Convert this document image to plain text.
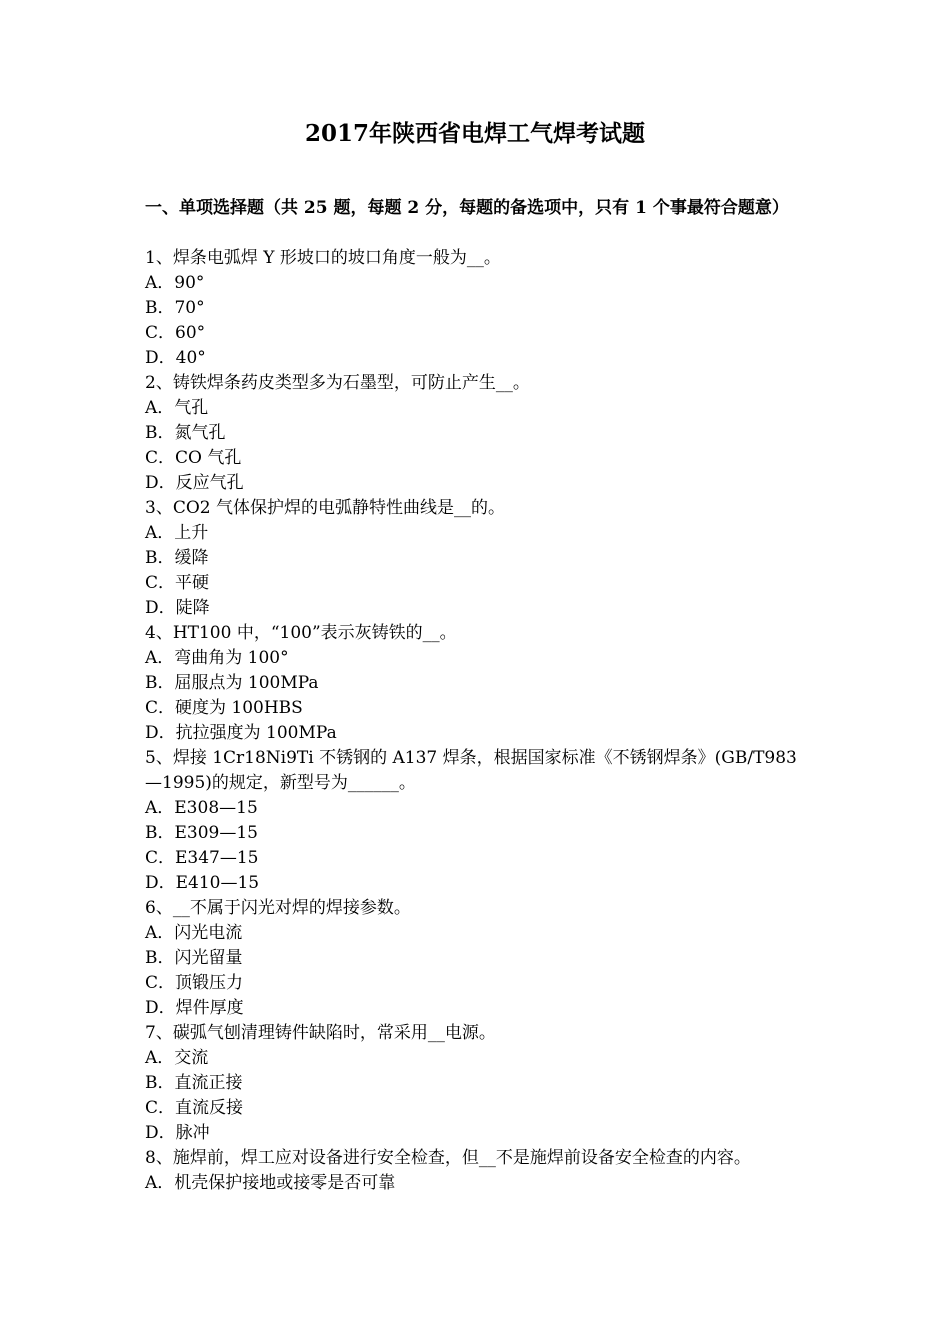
2017年陕西省电焊工气焊考试题
一、单项选择题（共 25 题，每题 2 分，每题的备选项中，只有 1 个事最符合题意）
1、焊条电弧焊 Y 形坡口的坡口角度一般为__。
A．90°
B．70°
C．60°
D．40°
2、铸铁焊条药皮类型多为石墨型，可防止产生__。
A．气孔
B．氮气孔
C．CO 气孔
D．反应气孔
3、CO2 气体保护焊的电弧静特性曲线是__的。
A．上升
B．缓降
C．平硬
D．陡降
4、HT100 中，“100”表示灰铸铁的__。
A．弯曲角为 100°
B．屈服点为 100MPa
C．硬度为 100HBS
D．抗拉强度为 100MPa
5、焊接 1Cr18Ni9Ti 不锈钢的 A137 焊条，根据国家标准《不锈钢焊条》(GB/T983—1995)的规定，新型号为______。
A．E308—15
B．E309—15
C．E347—15
D．E410—15
6、__不属于闪光对焊的焊接参数。
A．闪光电流
B．闪光留量
C．顶锻压力
D．焊件厚度
7、碳弧气刨清理铸件缺陷时，常采用__电源。
A．交流
B．直流正接
C．直流反接
D．脉冲
8、施焊前，焊工应对设备进行安全检查，但__不是施焊前设备安全检查的内容。
A．机壳保护接地或接零是否可靠
